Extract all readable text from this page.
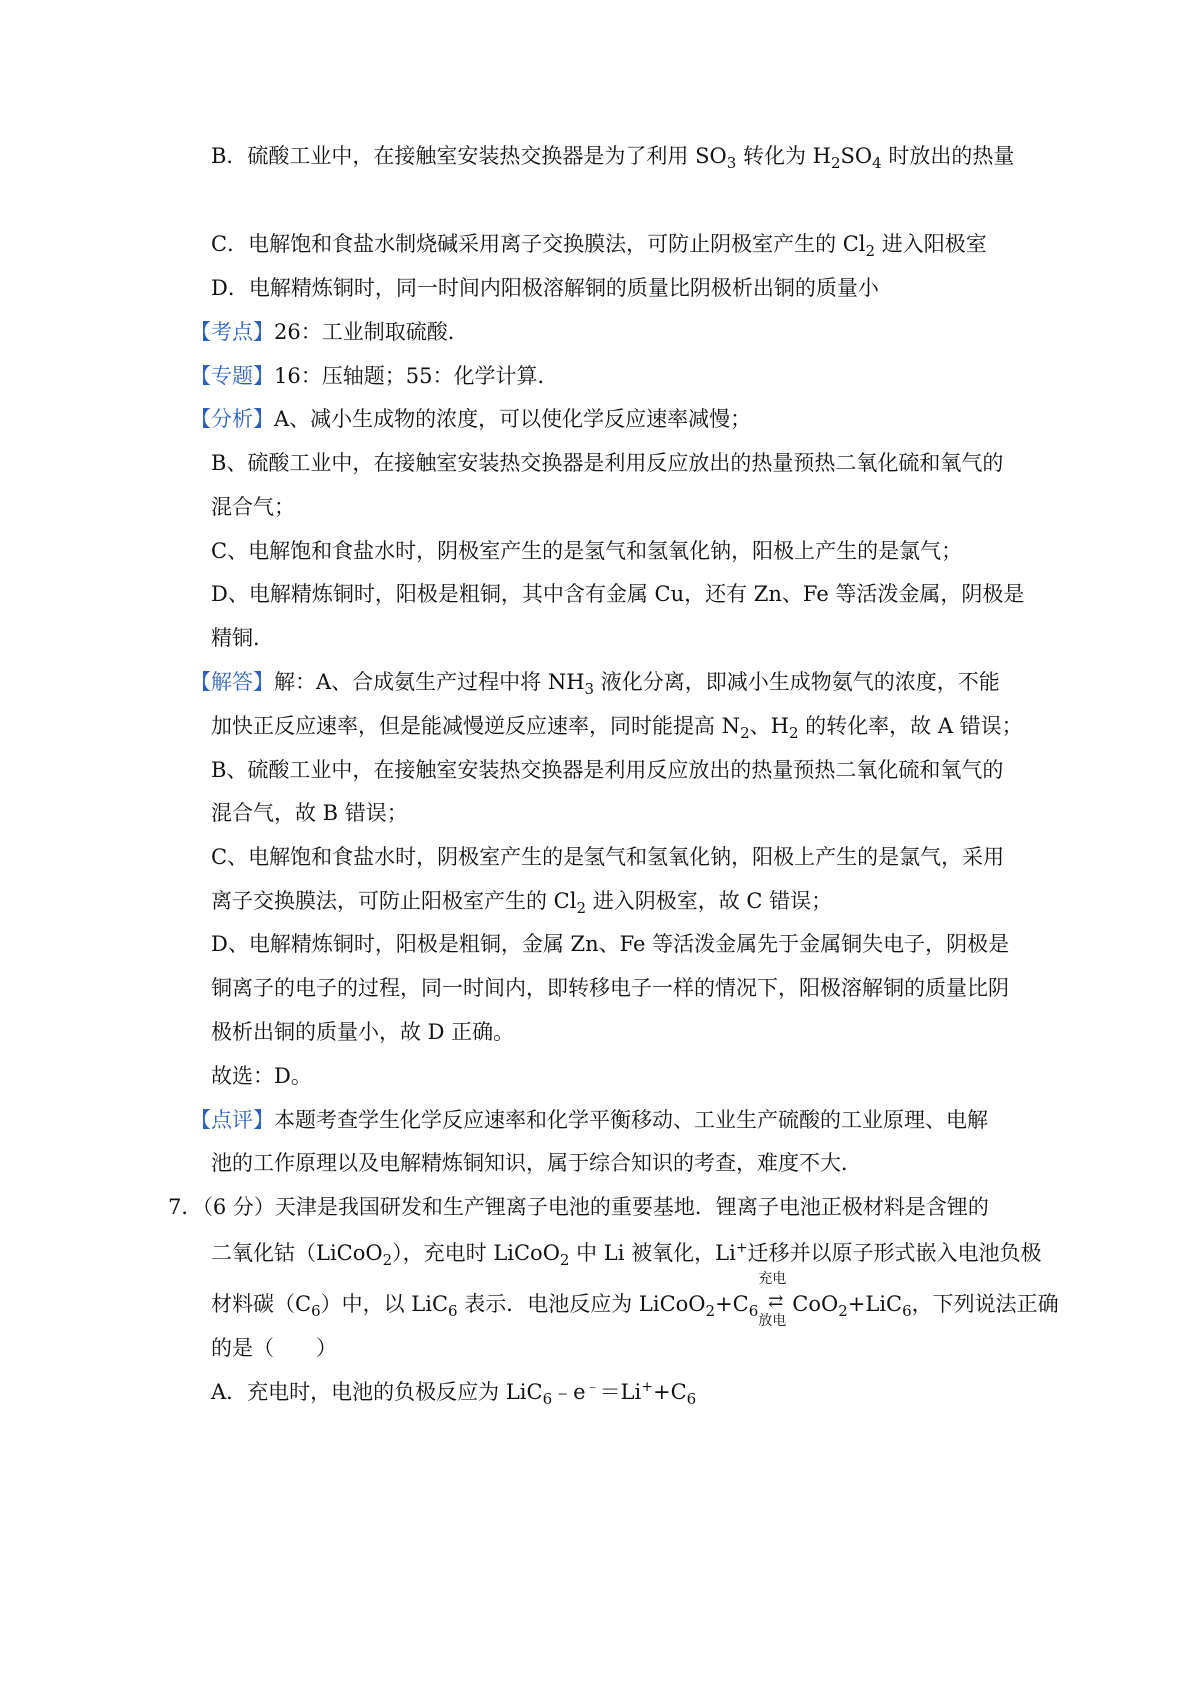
B．硫酸工业中，在接触室安装热交换器是为了利用 $SO_3$ 转化为 $H_2SO_4$ 时放出的热量
C．电解饱和食盐水制烧碱采用离子交换膜法，可防止阴极室产生的 $Cl_2$ 进入阳极室
D．电解精炼铜时，同一时间内阳极溶解铜的质量比阴极析出铜的质量小
【考点】26：工业制取硫酸．
【专题】16：压轴题；55：化学计算．
【分析】A、减小生成物的浓度，可以使化学反应速率减慢；
B、硫酸工业中，在接触室安装热交换器是利用反应放出的热量预热二氧化硫和氧气的
混合气；
C、电解饱和食盐水时，阴极室产生的是氢气和氢氧化钠，阳极上产生的是氯气；
D、电解精炼铜时，阳极是粗铜，其中含有金属 Cu，还有 Zn、Fe 等活泼金属，阴极是
精铜．
【解答】解：A、合成氨生产过程中将 $NH_3$ 液化分离，即减小生成物氨气的浓度，不能
加快正反应速率，但是能减慢逆反应速率，同时能提高 $N_2$、$H_2$ 的转化率，故 A 错误；
B、硫酸工业中，在接触室安装热交换器是利用反应放出的热量预热二氧化硫和氧气的
混合气，故 B 错误；
C、电解饱和食盐水时，阴极室产生的是氢气和氢氧化钠，阳极上产生的是氯气，采用
离子交换膜法，可防止阳极室产生的 $Cl_2$ 进入阴极室，故 C 错误；
D、电解精炼铜时，阳极是粗铜，金属 Zn、Fe 等活泼金属先于金属铜失电子，阴极是
铜离子的电子的过程，同一时间内，即转移电子一样的情况下，阳极溶解铜的质量比阴
极析出铜的质量小，故 D 正确。
故选：D。
【点评】本题考查学生化学反应速率和化学平衡移动、工业生产硫酸的工业原理、电解
池的工作原理以及电解精炼铜知识，属于综合知识的考查，难度不大．
7．（6 分）天津是我国研发和生产锂离子电池的重要基地．锂离子电池正极材料是含锂的
二氧化钴（LiCoO$_2$），充电时 LiCoO$_2$ 中 Li 被氧化，Li+迁移并以原子形式嵌入电池负极
材料碳$(C_6)$中，以 LiC$_6$ 表示．电池反应为 $LiCoO_2+C_6$
充电
⇄
放电
CoO$_2$+LiC$_6$，下列说法正确
的是（　　）
A．充电时，电池的负极反应为 $LiC_6﹣e^﹣=Li^++C_6$
